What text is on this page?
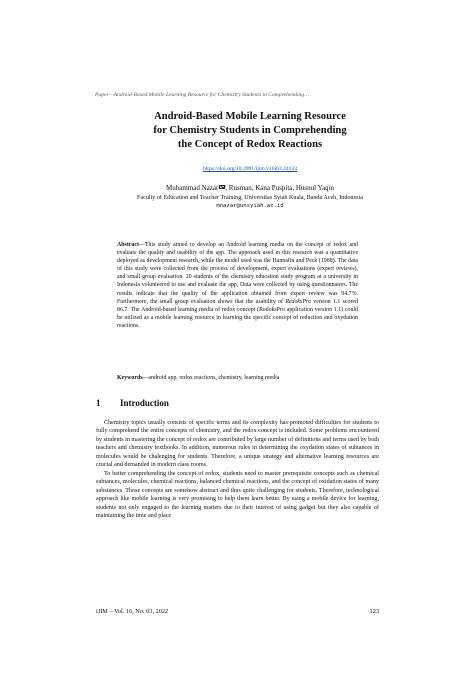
Paper—Android-Based Mobile Learning Resource for Chemistry Students in Comprehending…
Android-Based Mobile Learning Resource
for Chemistry Students in Comprehending
the Concept of Redox Reactions
https://doi.org/10.3991/ijim.v16i03.24133
Muhammad Nazar , Rusman, Kana Puspita, Husnul Yaqin
Faculty of Education and Teacher Training, Universitas Syiah Kuala, Banda Aceh, Indonesia
mnazar@unsyiah.ac.id
Abstract—This study aimed to develop an Android learning media on the concept of redox and evaluate the quality and usability of the app. The approach used in this research was a quantitative deployed as development research, while the model used was the Hannafin and Peck (1988). The data of this study were collected from the process of development, expert evaluations (expert reviews), and small group evaluation. 20 students of the chemistry education study program at a university in Indonesia volunteered to use and evaluate the app, Data were collected by using questionnaires. The results indicate that the quality of the application obtained from expert review was 94.7%. Furthermore, the small group evaluation shows that the usability of RedoksPro version 1.1 scored 86.7. The Android-based learning media of redox concept (RedoksPro application version 1.1) could be utilized as a mobile learning resource in learning the specific concept of reduction and oxydation reactions.
Keywords—android app, redox reactions, chemistry, learning media
1 Introduction

Chemistry topics usually consists of specific terms and its complexity has promoted difficulties for students to fully comprehend the entire concepts of chemistry, and the redox concept is included. Some problems encountered by students in mastering the concept of redox are contributed by large number of definitions and terms used by both teachers and chemistry textbooks. In addition, numerous rules in determining the oxydation states of subtances in molecules would be chalenging for students. Therefore, a unique strategy and alternative learning resources are crucial and demanded in modern class rooms.

To better comprehending the concept of redox, students need to master prerequisite concepts such as chemical subtances, molecules, chemical reactions, balanced chemical reactions, and the concept of oxidation states of many substances. Those concepts are somehow abstract and thus quite challenging for students. Therefore, technological approach like mobile learning is very promising to help them learn better. By using a mobile device for learning, students not only engaged to the learning matters due to their interest of using gadget but they also capable of maintaining the time and place

iJIM – Vol. 16, No. 03, 2022	123
